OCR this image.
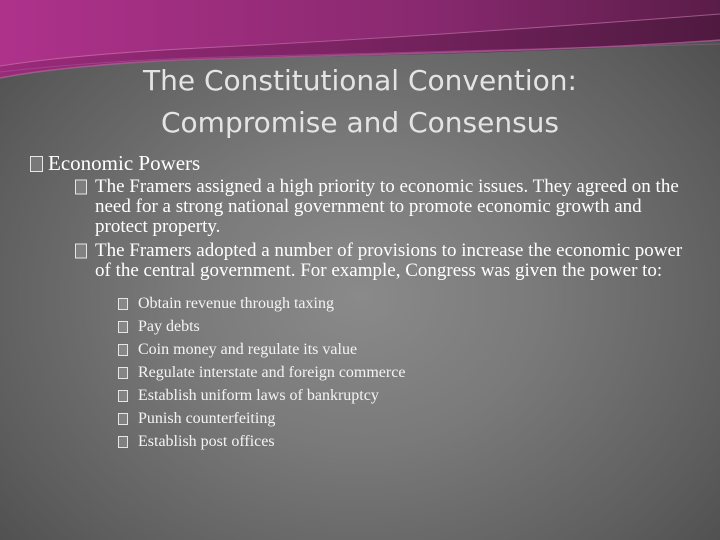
The Constitutional Convention:
Compromise and Consensus
Economic Powers
The Framers assigned a high priority to economic issues. They agreed on the need for a strong national government to promote economic growth and protect property.
The Framers adopted a number of provisions to increase the economic power of the central government. For example, Congress was given the power to:
Obtain revenue through taxing
Pay debts
Coin money and regulate its value
Regulate interstate and foreign commerce
Establish uniform laws of bankruptcy
Punish counterfeiting
Establish post offices
